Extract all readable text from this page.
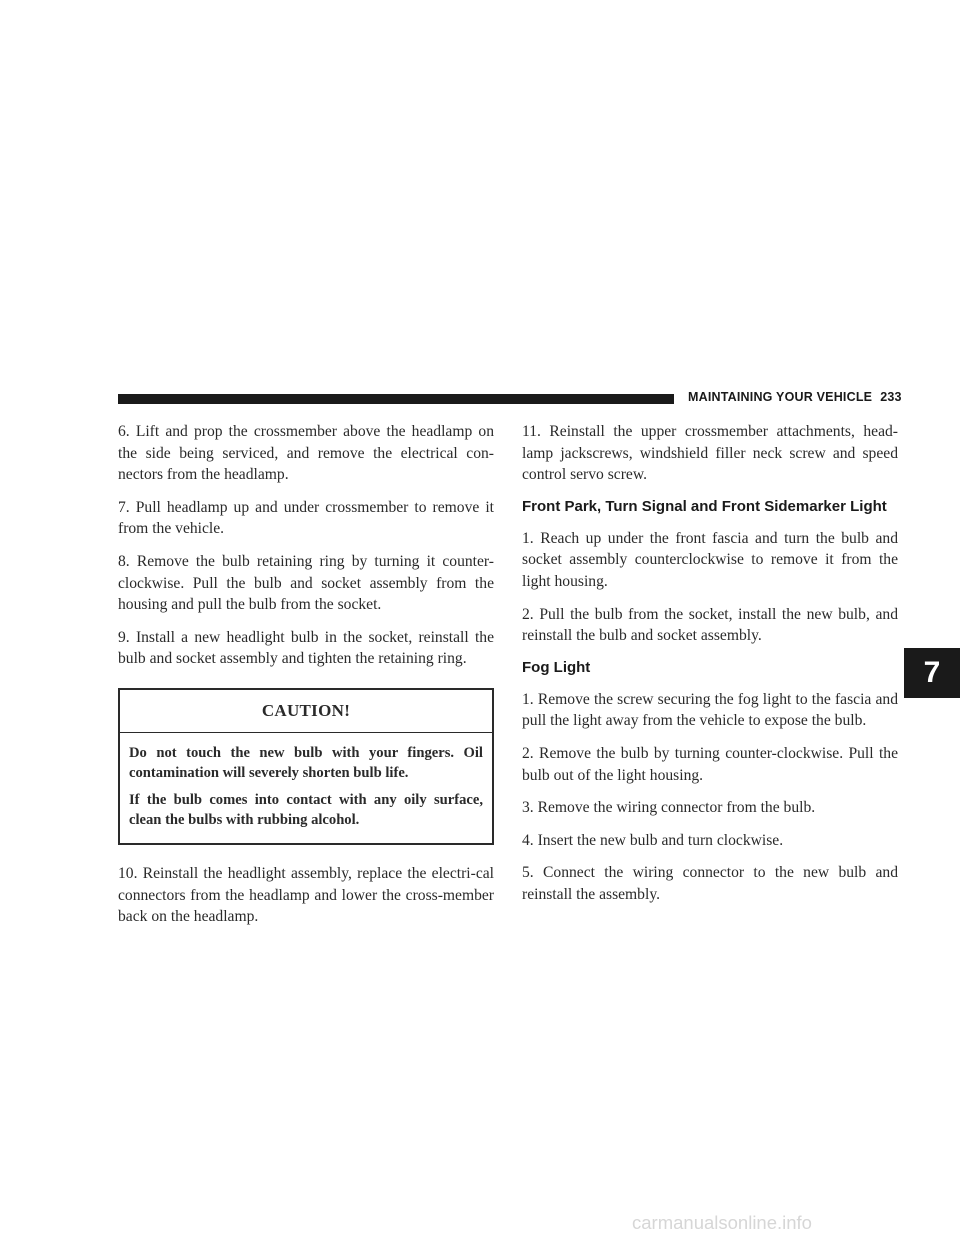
MAINTAINING YOUR VEHICLE 233

6. Lift and prop the crossmember above the headlamp on the side being serviced, and remove the electrical con-nectors from the headlamp.

7. Pull headlamp up and under crossmember to remove it from the vehicle.

8. Remove the bulb retaining ring by turning it counter-clockwise. Pull the bulb and socket assembly from the housing and pull the bulb from the socket.

9. Install a new headlight bulb in the socket, reinstall the bulb and socket assembly and tighten the retaining ring.

CAUTION!

Do not touch the new bulb with your fingers. Oil contamination will severely shorten bulb life.

If the bulb comes into contact with any oily surface, clean the bulbs with rubbing alcohol.

10. Reinstall the headlight assembly, replace the electri-cal connectors from the headlamp and lower the cross-member back on the headlamp.

11. Reinstall the upper crossmember attachments, head-lamp jackscrews, windshield filler neck screw and speed control servo screw.

Front Park, Turn Signal and Front Sidemarker Light

1. Reach up under the front fascia and turn the bulb and socket assembly counterclockwise to remove it from the light housing.

2. Pull the bulb from the socket, install the new bulb, and reinstall the bulb and socket assembly.

Fog Light

1. Remove the screw securing the fog light to the fascia and pull the light away from the vehicle to expose the bulb.

2. Remove the bulb by turning counter-clockwise. Pull the bulb out of the light housing.

3. Remove the wiring connector from the bulb.

4. Insert the new bulb and turn clockwise.

5. Connect the wiring connector to the new bulb and reinstall the assembly.

7
carmanualsonline.info
